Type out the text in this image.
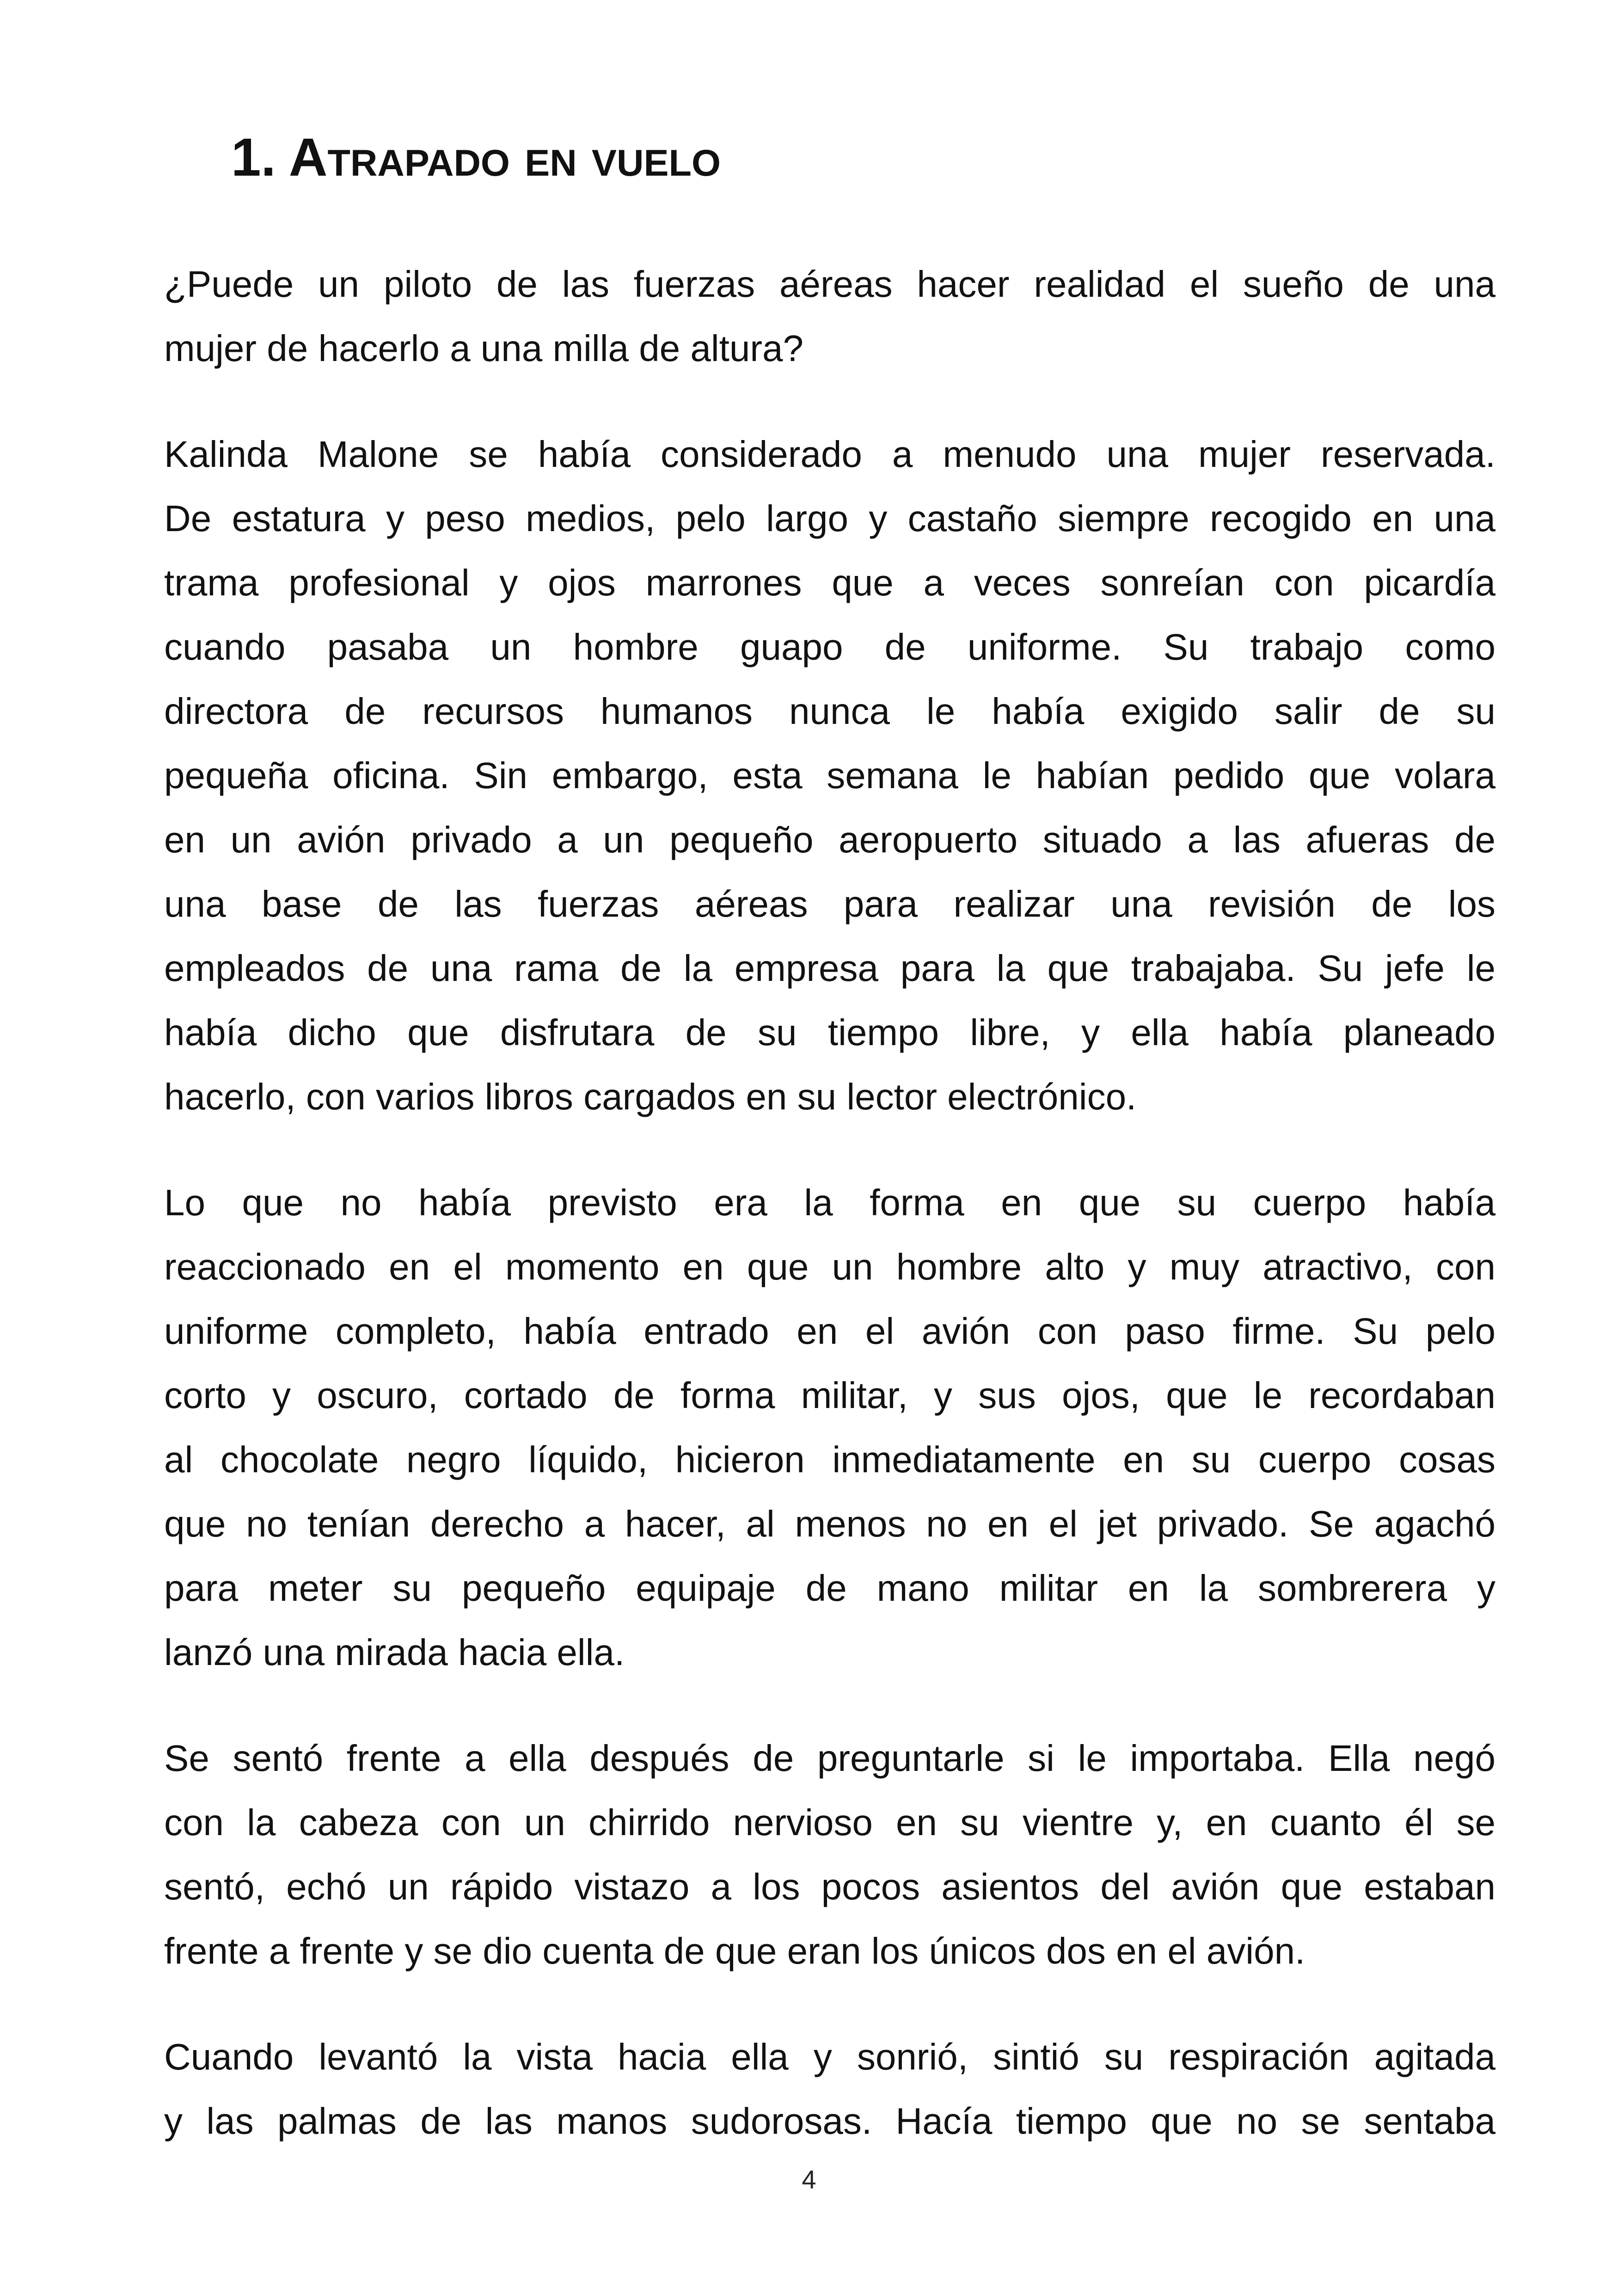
1. Atrapado en vuelo

¿Puede un piloto de las fuerzas aéreas hacer realidad el sueño de una
mujer de hacerlo a una milla de altura?

Kalinda Malone se había considerado a menudo una mujer reservada.
De estatura y peso medios, pelo largo y castaño siempre recogido en una
trama profesional y ojos marrones que a veces sonreían con picardía
cuando pasaba un hombre guapo de uniforme. Su trabajo como
directora de recursos humanos nunca le había exigido salir de su
pequeña oficina. Sin embargo, esta semana le habían pedido que volara
en un avión privado a un pequeño aeropuerto situado a las afueras de
una base de las fuerzas aéreas para realizar una revisión de los
empleados de una rama de la empresa para la que trabajaba. Su jefe le
había dicho que disfrutara de su tiempo libre, y ella había planeado
hacerlo, con varios libros cargados en su lector electrónico.

Lo que no había previsto era la forma en que su cuerpo había
reaccionado en el momento en que un hombre alto y muy atractivo, con
uniforme completo, había entrado en el avión con paso firme. Su pelo
corto y oscuro, cortado de forma militar, y sus ojos, que le recordaban
al chocolate negro líquido, hicieron inmediatamente en su cuerpo cosas
que no tenían derecho a hacer, al menos no en el jet privado. Se agachó
para meter su pequeño equipaje de mano militar en la sombrerera y
lanzó una mirada hacia ella.

Se sentó frente a ella después de preguntarle si le importaba. Ella negó
con la cabeza con un chirrido nervioso en su vientre y, en cuanto él se
sentó, echó un rápido vistazo a los pocos asientos del avión que estaban
frente a frente y se dio cuenta de que eran los únicos dos en el avión.

Cuando levantó la vista hacia ella y sonrió, sintió su respiración agitada
y las palmas de las manos sudorosas. Hacía tiempo que no se sentaba

4
